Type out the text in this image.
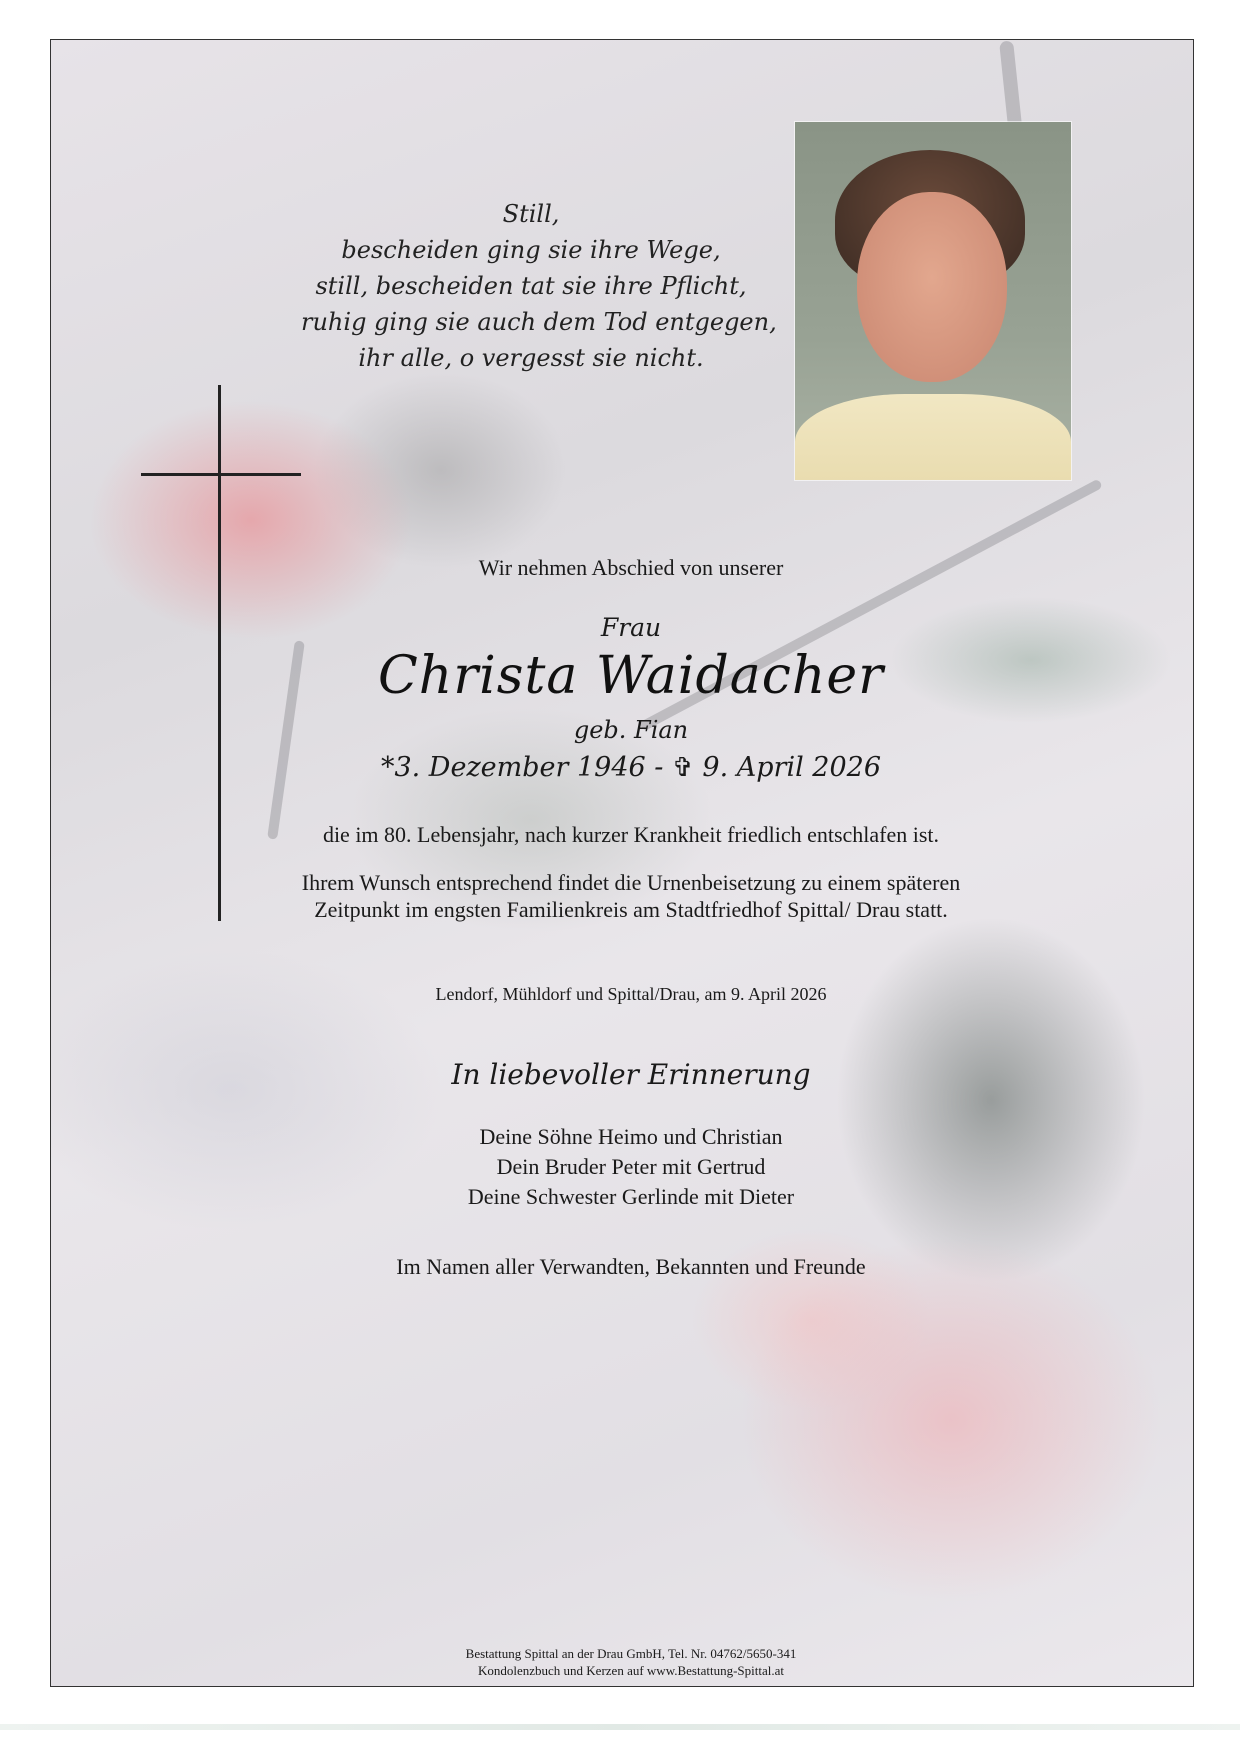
Still,
bescheiden ging sie ihre Wege,
still, bescheiden tat sie ihre Pflicht,
ruhig ging sie auch dem Tod entgegen,
ihr alle, o vergesst sie nicht.
Wir nehmen Abschied von unserer
Frau
Christa Waidacher
geb. Fian
*3. Dezember 1946 - ✞ 9. April 2026
die im 80. Lebensjahr, nach kurzer Krankheit friedlich entschlafen ist.
Ihrem Wunsch entsprechend findet die Urnenbeisetzung zu einem späteren
Zeitpunkt im engsten Familienkreis am Stadtfriedhof Spittal/ Drau statt.
Lendorf, Mühldorf und Spittal/Drau, am 9. April 2026
In liebevoller Erinnerung
Deine Söhne Heimo und Christian
Dein Bruder Peter mit Gertrud
Deine Schwester Gerlinde mit Dieter
Im Namen aller Verwandten, Bekannten und Freunde
Bestattung Spittal an der Drau GmbH, Tel. Nr. 04762/5650-341
Kondolenzbuch und Kerzen auf www.Bestattung-Spittal.at
